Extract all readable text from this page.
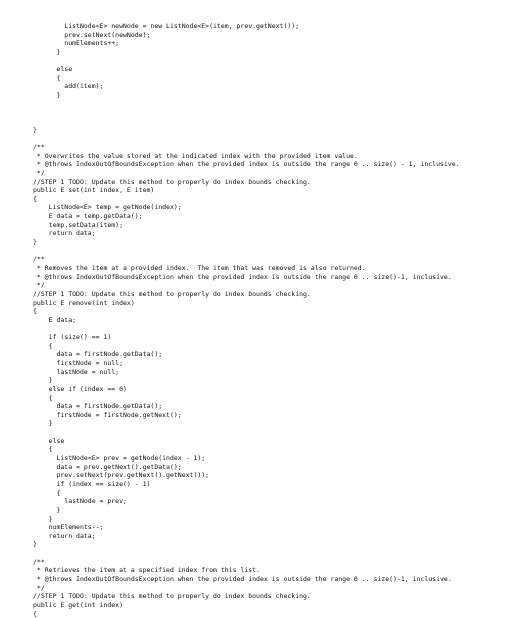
ListNode<E> newNode = new ListNode<E>(item, prev.getNext());
prev.setNext(newNode);
numElements++;
}
else
{
add(item);
}
}
/**
* Overwrites the value stored at the indicated index with the provided item value.
* @throws IndexOutOfBoundsException when the provided index is outside the range 0 .. size() - 1, inclusive.
*/
//STEP 1 TODO: Update this method to properly do index bounds checking.
public E set(int index, E item)
{
ListNode<E> temp = getNode(index);
E data = temp.getData();
temp.setData(item);
return data;
}
/**
* Removes the item at a provided index.  The item that was removed is also returned.
* @throws IndexOutOfBoundsException when the provided index is outside the range 0 .. size()-1, inclusive.
*/
//STEP 1 TODO: Update this method to properly do index bounds checking.
public E remove(int index)
{
E data;
if (size() == 1)
{
data = firstNode.getData();
firstNode = null;
lastNode = null;
}
else if (index == 0)
{
data = firstNode.getData();
firstNode = firstNode.getNext();
}
else
{
ListNode<E> prev = getNode(index - 1);
data = prev.getNext().getData();
prev.setNext(prev.getNext().getNext());
if (index == size() - 1)
{
lastNode = prev;
}
}
numElements--;
return data;
}
/**
* Retrieves the item at a specified index from this list.
* @throws IndexOutOfBoundsException when the provided index is outside the range 0 .. size()-1, inclusive.
*/
//STEP 1 TODO: Update this method to properly do index bounds checking.
public E get(int index)
{
